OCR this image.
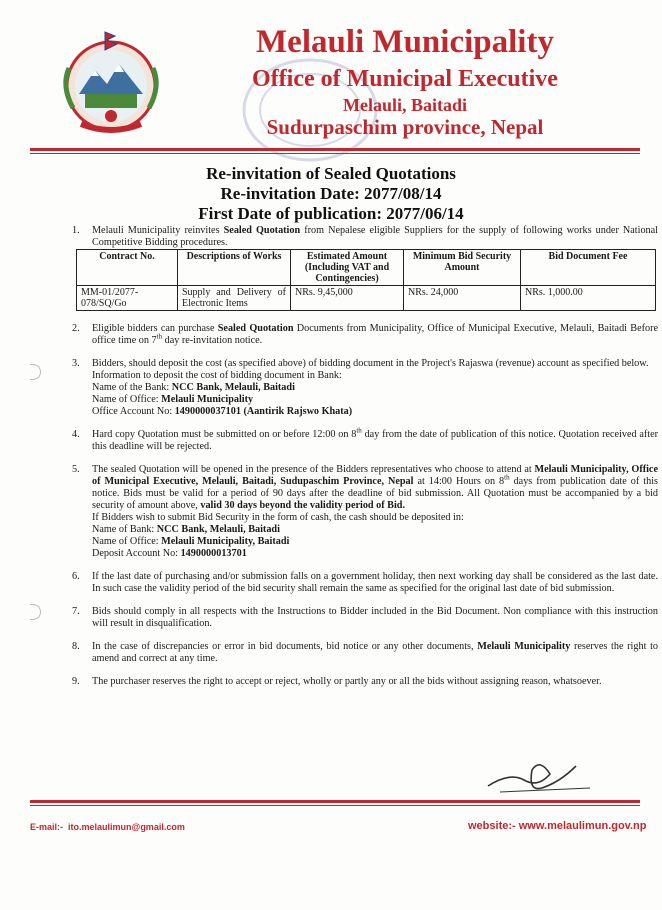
Melauli Municipality
Office of Municipal Executive
Melauli, Baitadi
Sudurpaschim province, Nepal
Re-invitation of Sealed Quotations
Re-invitation Date: 2077/08/14
First Date of publication: 2077/06/14
1. Melauli Municipality reinvites Sealed Quotation from Nepalese eligible Suppliers for the supply of following works under National Competitive Bidding procedures.
Contract No.	Descriptions of Works	Estimated Amount (Including VAT and Contingencies)	Minimum Bid Security Amount	Bid Document Fee
MM-01/2077-078/SQ/Go	Supply and Delivery of Electronic Items	NRs. 9,45,000	NRs. 24,000	NRs. 1,000.00
2. Eligible bidders can purchase Sealed Quotation Documents from Municipality, Office of Municipal Executive, Melauli, Baitadi Before office time on 7th day re-invitation notice.
3. Bidders, should deposit the cost (as specified above) of bidding document in the Project's Rajaswa (revenue) account as specified below.
Information to deposit the cost of bidding document in Bank:
Name of the Bank: NCC Bank, Melauli, Baitadi
Name of Office: Melauli Municipality
Office Account No: 1490000037101 (Aantirik Rajswo Khata)
4. Hard copy Quotation must be submitted on or before 12:00 on 8th day from the date of publication of this notice. Quotation received after this deadline will be rejected.
5. The sealed Quotation will be opened in the presence of the Bidders representatives who choose to attend at Melauli Municipality, Office of Municipal Executive, Melauli, Baitadi, Sudupaschim Province, Nepal at 14:00 Hours on 8th days from publication date of this notice. Bids must be valid for a period of 90 days after the deadline of bid submission. All Quotation must be accompanied by a bid security of amount above, valid 30 days beyond the validity period of Bid.
If Bidders wish to submit Bid Security in the form of cash, the cash should be deposited in:
Name of Bank: NCC Bank, Melauli, Baitadi
Name of Office: Melauli Municipality, Baitadi
Deposit Account No: 1490000013701
6. If the last date of purchasing and/or submission falls on a government holiday, then next working day shall be considered as the last date. In such case the validity period of the bid security shall remain the same as specified for the original last date of bid submission.
7. Bids should comply in all respects with the Instructions to Bidder included in the Bid Document. Non compliance with this instruction will result in disqualification.
8. In the case of discrepancies or error in bid documents, bid notice or any other documents, Melauli Municipality reserves the right to amend and correct at any time.
9. The purchaser reserves the right to accept or reject, wholly or partly any or all the bids without assigning reason, whatsoever.
E-mail:- ito.melaulimun@gmail.com	website:- www.melaulimun.gov.np
